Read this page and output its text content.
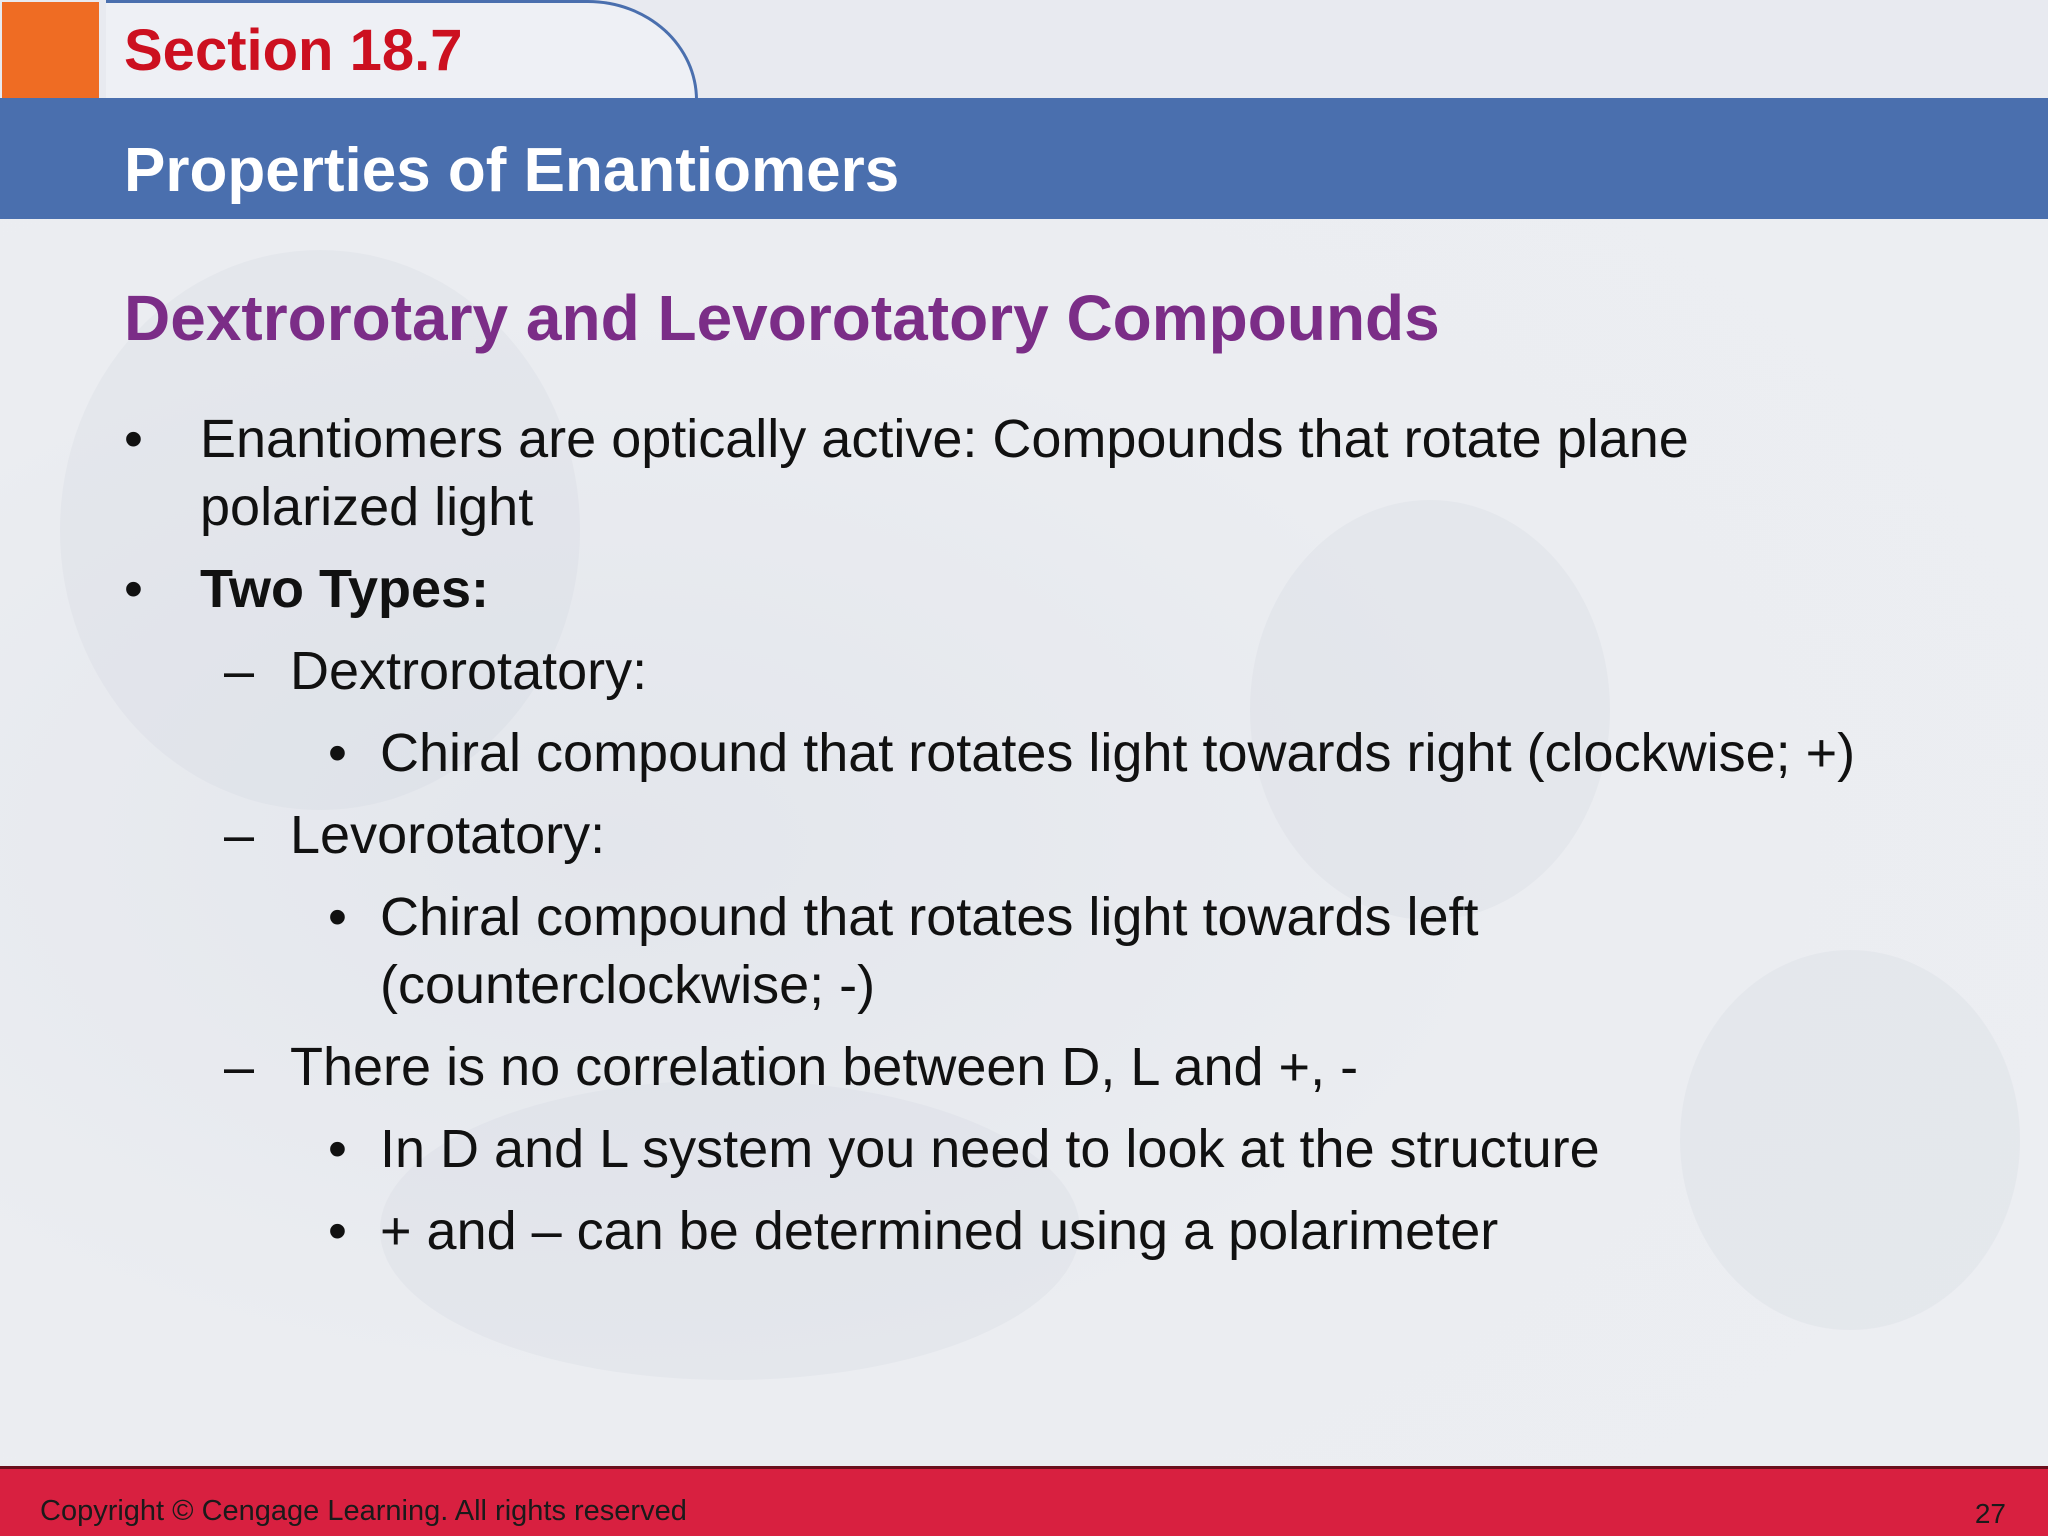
Section 18.7
Properties of Enantiomers
Dextrorotary and Levorotatory Compounds
• Enantiomers are optically active: Compounds that rotate plane
polarized light
• Two Types:
– Dextrorotatory:
• Chiral compound that rotates light towards right (clockwise; +)
– Levorotatory:
• Chiral compound that rotates light towards left
(counterclockwise; -)
– There is no correlation between D, L and +, -
• In D and L system you need to look at the structure
• + and – can be determined using a polarimeter
Copyright © Cengage Learning. All rights reserved	27
